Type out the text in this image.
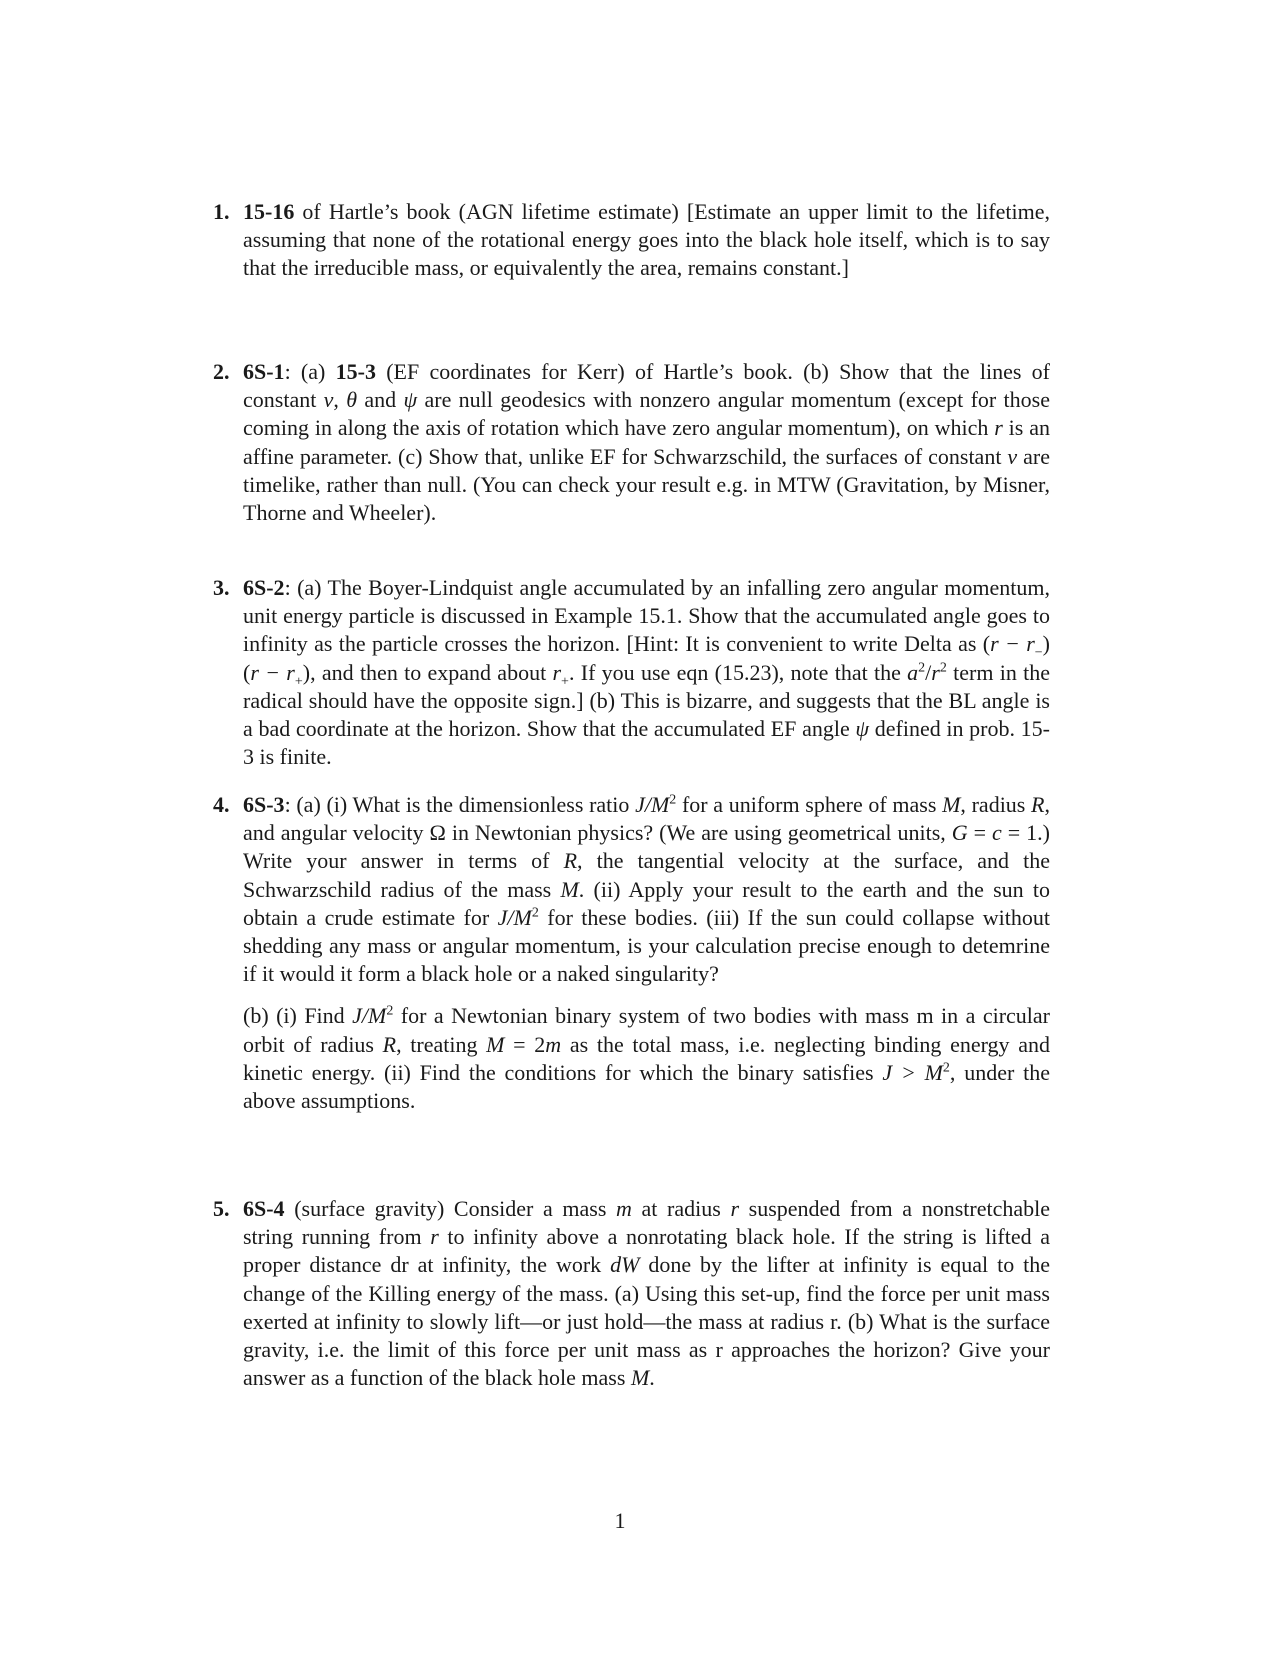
1. 15-16 of Hartle’s book (AGN lifetime estimate) [Estimate an upper limit to the lifetime, assuming that none of the rotational energy goes into the black hole itself, which is to say that the irreducible mass, or equivalently the area, remains constant.]

2. 6S-1: (a) 15-3 (EF coordinates for Kerr) of Hartle’s book. (b) Show that the lines of constant v, θ and ψ are null geodesics with nonzero angular momentum (except for those coming in along the axis of rotation which have zero angular momentum), on which r is an affine parameter. (c) Show that, unlike EF for Schwarzschild, the surfaces of constant v are timelike, rather than null. (You can check your result e.g. in MTW (Gravitation, by Misner, Thorne and Wheeler).

3. 6S-2: (a) The Boyer-Lindquist angle accumulated by an infalling zero angular momentum, unit energy particle is discussed in Example 15.1. Show that the accumulated angle goes to infinity as the particle crosses the horizon. [Hint: It is convenient to write Delta as $(r - r_-)(r - r_+)$, and then to expand about $r_+$. If you use eqn (15.23), note that the $a^2/r^2$ term in the radical should have the opposite sign.] (b) This is bizarre, and suggests that the BL angle is a bad coordinate at the horizon. Show that the accumulated EF angle ψ defined in prob. 15-3 is finite.

4. 6S-3: (a) (i) What is the dimensionless ratio $J/M^2$ for a uniform sphere of mass M, radius R, and angular velocity Ω in Newtonian physics? (We are using geometrical units, G = c = 1.) Write your answer in terms of R, the tangential velocity at the surface, and the Schwarzschild radius of the mass M. (ii) Apply your result to the earth and the sun to obtain a crude estimate for $J/M^2$ for these bodies. (iii) If the sun could collapse without shedding any mass or angular momentum, is your calculation precise enough to detemrine if it would it form a black hole or a naked singularity?

(b) (i) Find $J/M^2$ for a Newtonian binary system of two bodies with mass m in a circular orbit of radius R, treating M = 2m as the total mass, i.e. neglecting binding energy and kinetic energy. (ii) Find the conditions for which the binary satisfies $J > M^2$, under the above assumptions.

5. 6S-4 (surface gravity) Consider a mass m at radius r suspended from a nonstretchable string running from r to infinity above a nonrotating black hole. If the string is lifted a proper distance dr at infinity, the work dW done by the lifter at infinity is equal to the change of the Killing energy of the mass. (a) Using this set-up, find the force per unit mass exerted at infinity to slowly lift—or just hold—the mass at radius r. (b) What is the surface gravity, i.e. the limit of this force per unit mass as r approaches the horizon? Give your answer as a function of the black hole mass M.

1
